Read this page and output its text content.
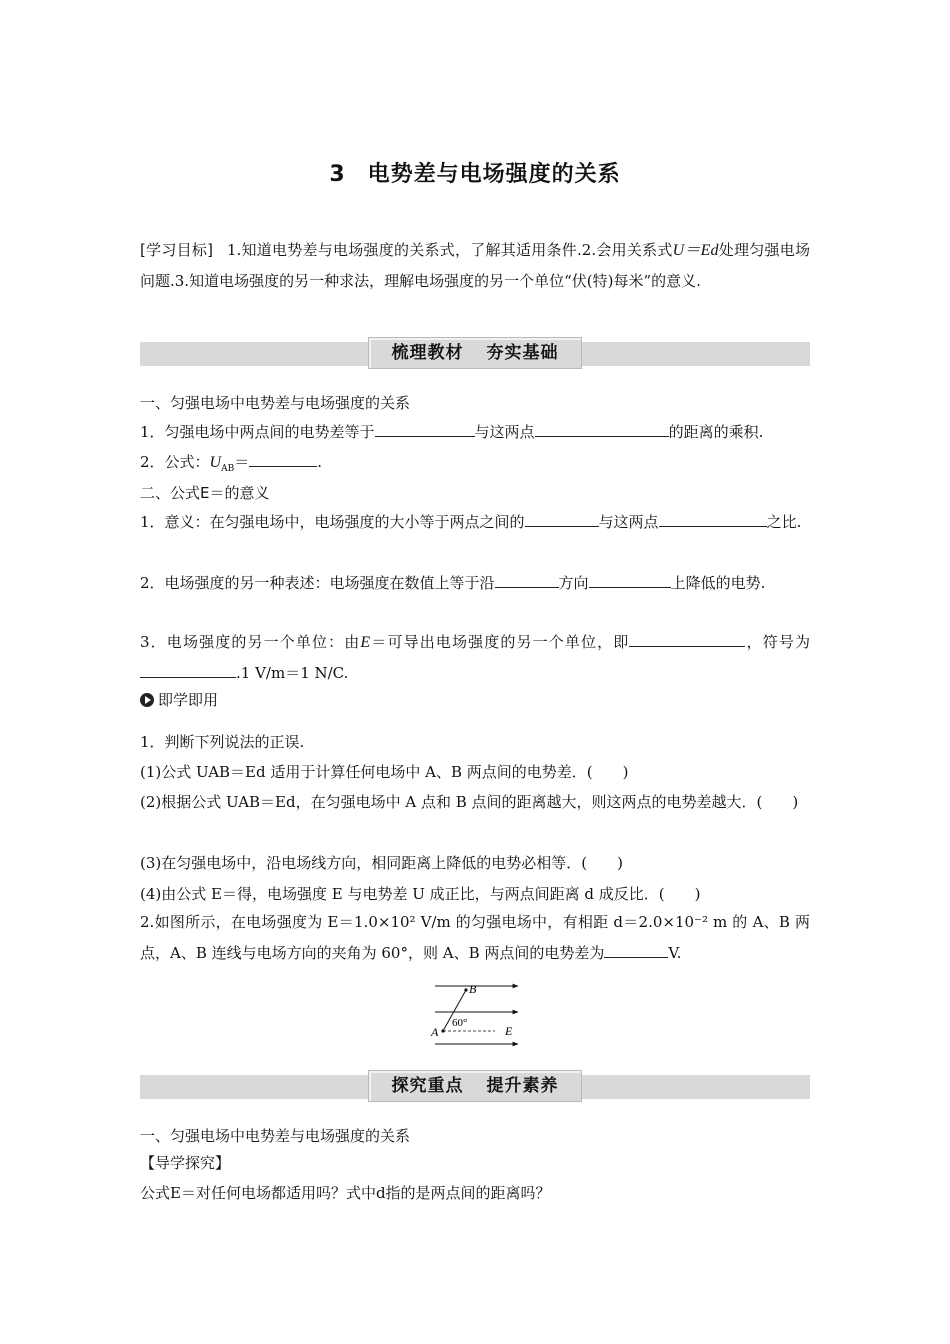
3 电势差与电场强度的关系
[学习目标] 1.知道电势差与电场强度的关系式，了解其适用条件.2.会用关系式U＝Ed处理匀强电场问题.3.知道电场强度的另一种求法，理解电场强度的另一个单位“伏(特)每米”的意义.
梳理教材 夯实基础
一、匀强电场中电势差与电场强度的关系
1．匀强电场中两点间的电势差等于	与这两点	的距离的乘积.
2．公式：$U_{AB}=$	.
二、公式E＝的意义
1．意义：在匀强电场中，电场强度的大小等于两点之间的	与这两点	之比.
2．电场强度的另一种表述：电场强度在数值上等于沿	方向	上降低的电势.
3．电场强度的另一个单位：由E＝可导出电场强度的另一个单位，即	，符号为.1 V/m＝1 N/C.
即学即用
1．判断下列说法的正误.
(1)公式 UAB＝Ed 适用于计算任何电场中 A、B 两点间的电势差．(　　)
(2)根据公式 UAB＝Ed，在匀强电场中 A 点和 B 点间的距离越大，则这两点的电势差越大．(　　)
(3)在匀强电场中，沿电场线方向，相同距离上降低的电势必相等．(　　)
(4)由公式 E＝得，电场强度 E 与电势差 U 成正比，与两点间距离 d 成反比．(　　)
2.如图所示，在电场强度为 E＝1.0×10² V/m 的匀强电场中，有相距 d＝2.0×10⁻² m 的 A、B 两点，A、B 连线与电场方向的夹角为 60°，则 A、B 两点间的电势差为	V.
A
B
E
60°
探究重点 提升素养
一、匀强电场中电势差与电场强度的关系
【导学探究】
公式E＝对任何电场都适用吗？式中d指的是两点间的距离吗？
